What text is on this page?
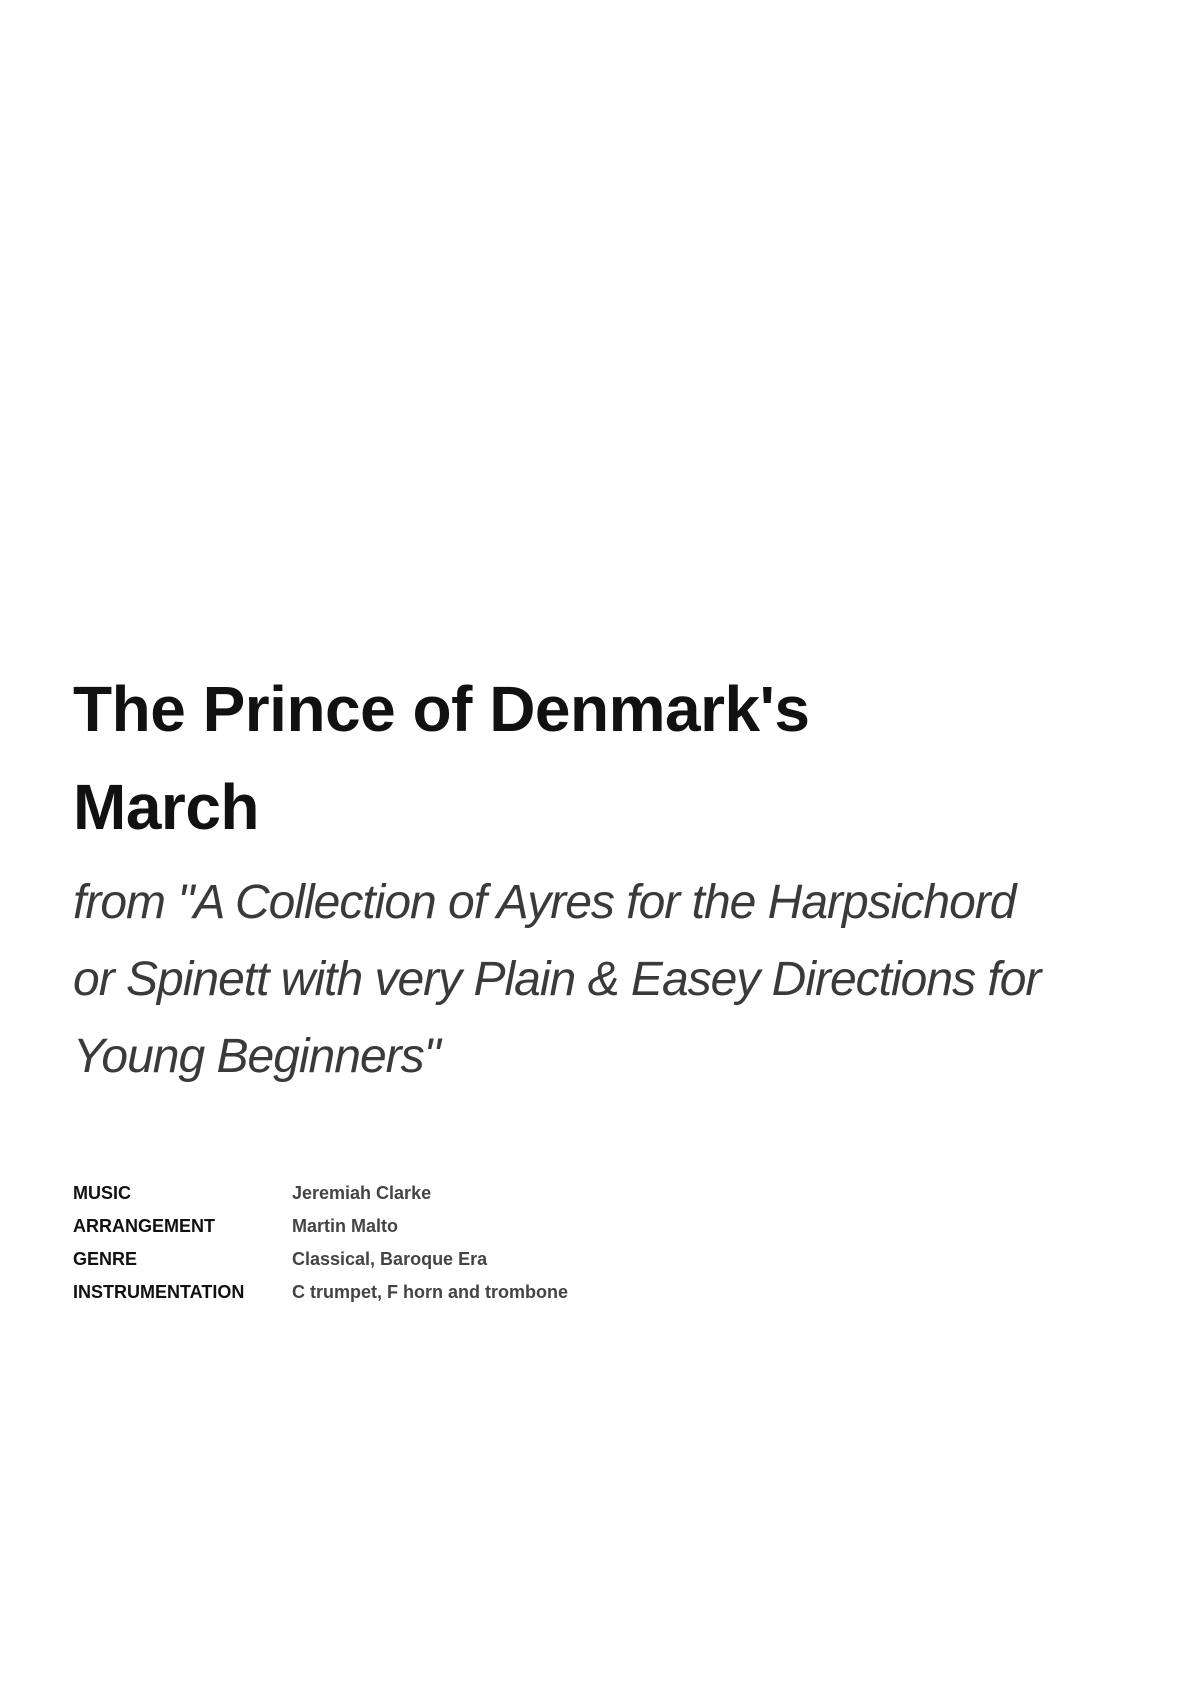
The Prince of Denmark's
March

from "A Collection of Ayres for the Harpsichord
or Spinett with very Plain & Easey Directions for
Young Beginners"

MUSIC	Jeremiah Clarke
ARRANGEMENT	Martin Malto
GENRE	Classical, Baroque Era
INSTRUMENTATION	C trumpet, F horn and trombone
